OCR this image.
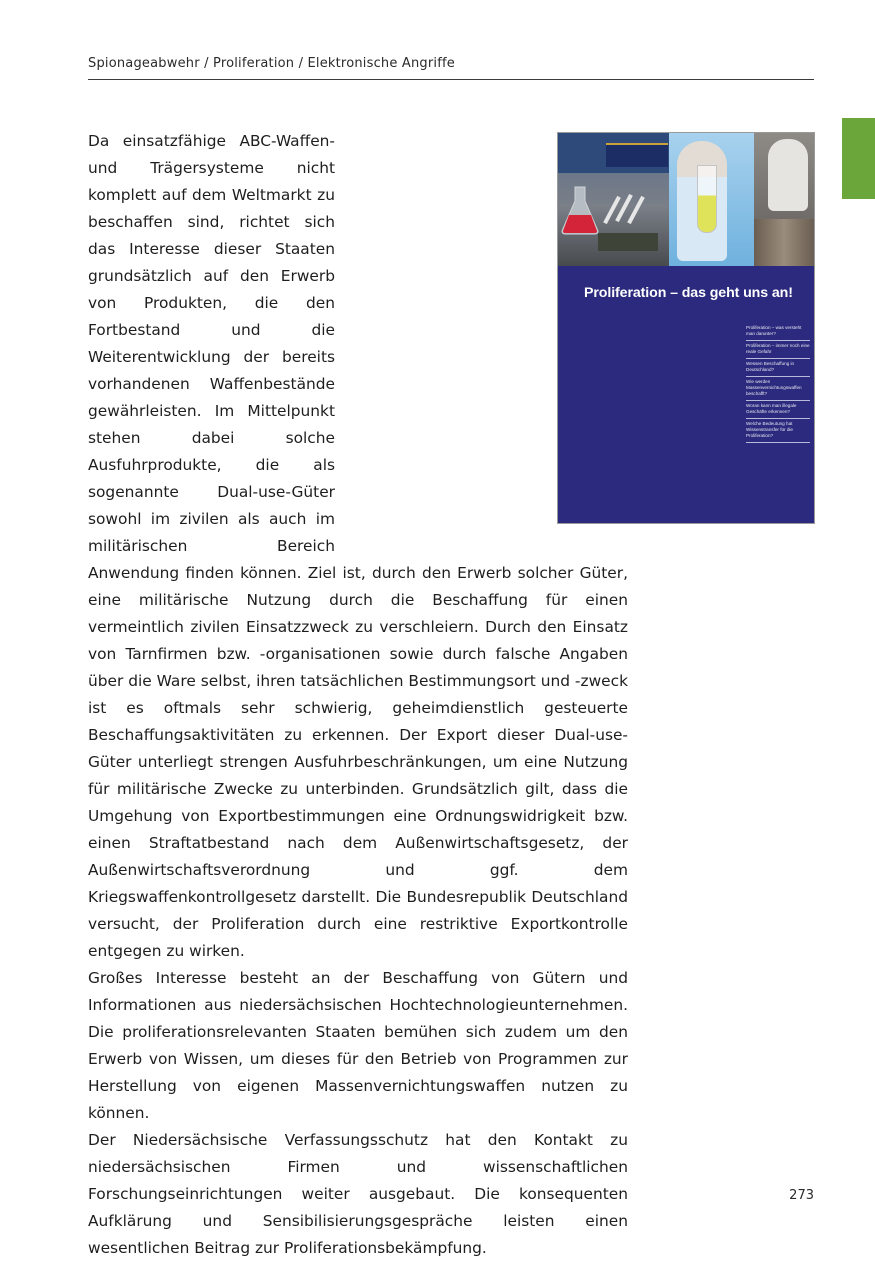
Spionageabwehr / Proliferation / Elektronische Angriffe

Da einsatzfähige ABC-Waffen- und Trägersysteme nicht komplett auf dem Weltmarkt zu beschaffen sind, richtet sich das Interesse dieser Staaten grundsätzlich auf den Erwerb von Produkten, die den Fortbestand und die Weiterentwicklung der bereits vorhandenen Waffenbestände gewährleisten. Im Mittelpunkt stehen dabei solche Ausfuhrprodukte, die als sogenannte Dual-use-Güter sowohl im zivilen als auch im militärischen Bereich Anwendung finden können. Ziel ist, durch den Erwerb solcher Güter, eine militärische Nutzung durch die Beschaffung für einen vermeintlich zivilen Einsatzzweck zu verschleiern. Durch den Einsatz von Tarnfirmen bzw. -organisationen sowie durch falsche Angaben über die Ware selbst, ihren tatsächlichen Bestimmungsort und -zweck ist es oftmals sehr schwierig, geheimdienstlich gesteuerte Beschaffungsaktivitäten zu erkennen. Der Export dieser Dual-use-Güter unterliegt strengen Ausfuhrbeschränkungen, um eine Nutzung für militärische Zwecke zu unterbinden. Grundsätzlich gilt, dass die Umgehung von Exportbestimmungen eine Ordnungswidrigkeit bzw. einen Straftatbestand nach dem Außenwirtschaftsgesetz, der Außenwirtschaftsverordnung und ggf. dem Kriegswaffenkontrollgesetz darstellt. Die Bundesrepublik Deutschland versucht, der Proliferation durch eine restriktive Exportkontrolle entgegen zu wirken.

Großes Interesse besteht an der Beschaffung von Gütern und Informationen aus niedersächsischen Hochtechnologieunternehmen. Die proliferationsrelevanten Staaten bemühen sich zudem um den Erwerb von Wissen, um dieses für den Betrieb von Programmen zur Herstellung von eigenen Massenvernichtungswaffen nutzen zu können.

Der Niedersächsische Verfassungsschutz hat den Kontakt zu niedersächsischen Firmen und wissenschaftlichen Forschungseinrichtungen weiter ausgebaut. Die konsequenten Aufklärung und Sensibilisierungsgespräche leisten einen wesentlichen Beitrag zur Proliferationsbekämpfung.

Proliferation – das geht uns an!
Proliferation – was versteht man darunter?
Proliferation – immer noch eine reale Gefahr
Wessen Beschaffung in Deutschland?
Wie werden Massenvernichtungswaffen beschafft?
Woran kann man illegale Geschäfte erkennen?
Welche Bedeutung hat Wissenstransfer für die Proliferation?
273
